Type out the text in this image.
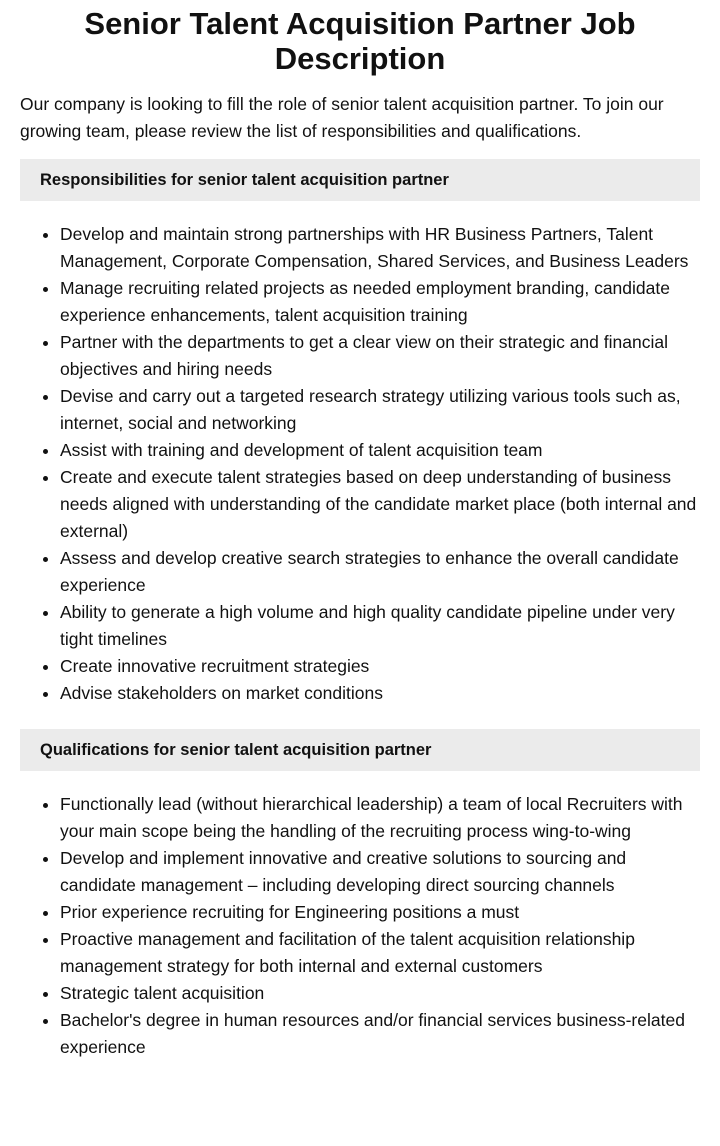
Senior Talent Acquisition Partner Job Description

Our company is looking to fill the role of senior talent acquisition partner. To join our growing team, please review the list of responsibilities and qualifications.

Responsibilities for senior talent acquisition partner
• Develop and maintain strong partnerships with HR Business Partners, Talent Management, Corporate Compensation, Shared Services, and Business Leaders
• Manage recruiting related projects as needed employment branding, candidate experience enhancements, talent acquisition training
• Partner with the departments to get a clear view on their strategic and financial objectives and hiring needs
• Devise and carry out a targeted research strategy utilizing various tools such as, internet, social and networking
• Assist with training and development of talent acquisition team
• Create and execute talent strategies based on deep understanding of business needs aligned with understanding of the candidate market place (both internal and external)
• Assess and develop creative search strategies to enhance the overall candidate experience
• Ability to generate a high volume and high quality candidate pipeline under very tight timelines
• Create innovative recruitment strategies
• Advise stakeholders on market conditions
Qualifications for senior talent acquisition partner
• Functionally lead (without hierarchical leadership) a team of local Recruiters with your main scope being the handling of the recruiting process wing-to-wing
• Develop and implement innovative and creative solutions to sourcing and candidate management – including developing direct sourcing channels
• Prior experience recruiting for Engineering positions a must
• Proactive management and facilitation of the talent acquisition relationship management strategy for both internal and external customers
• Strategic talent acquisition
• Bachelor's degree in human resources and/or financial services business-related experience
